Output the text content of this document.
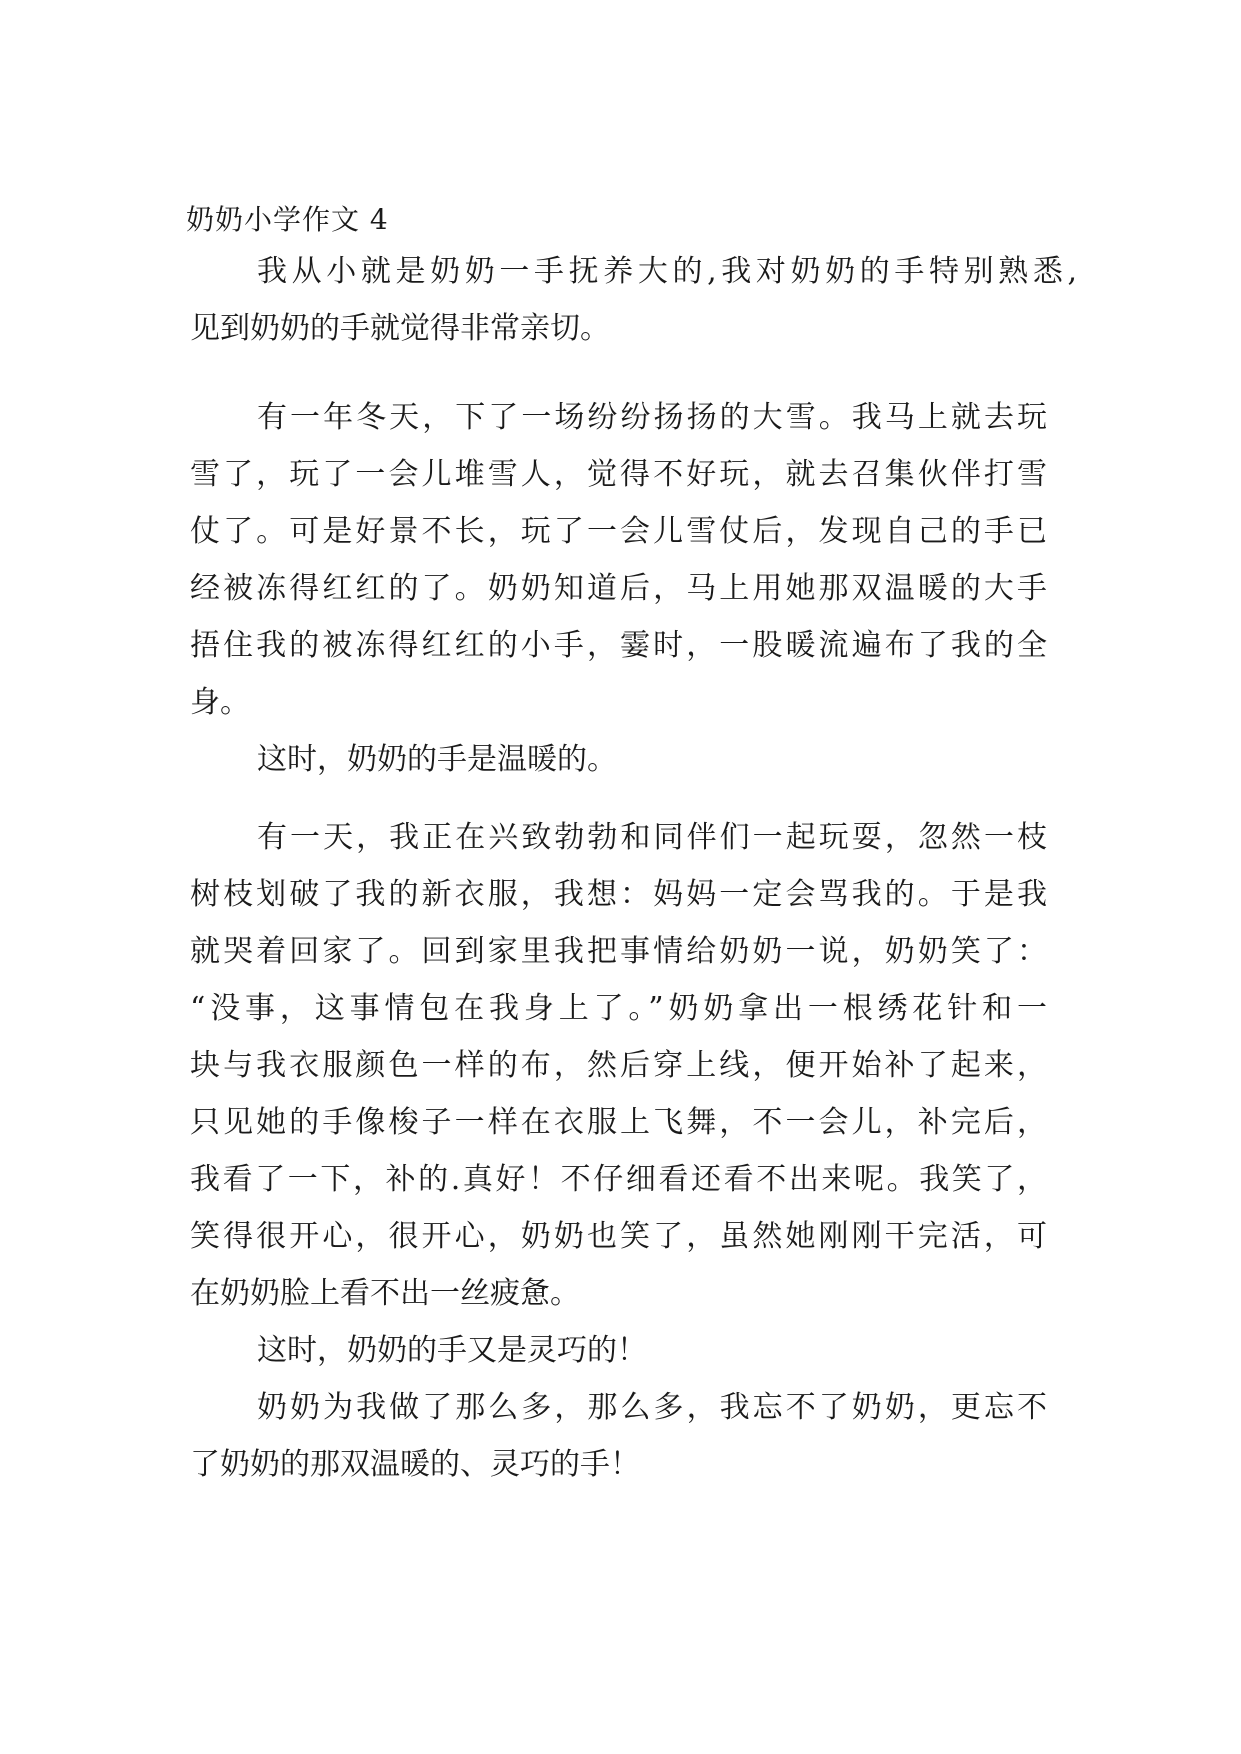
奶奶小学作文 4
我从小就是奶奶一手抚养大的,我对奶奶的手特别熟悉,
见到奶奶的手就觉得非常亲切。
有一年冬天，下了一场纷纷扬扬的大雪。我马上就去玩
雪了，玩了一会儿堆雪人，觉得不好玩，就去召集伙伴打雪
仗了。可是好景不长，玩了一会儿雪仗后，发现自己的手已
经被冻得红红的了。奶奶知道后，马上用她那双温暖的大手
捂住我的被冻得红红的小手，霎时，一股暖流遍布了我的全
身。
这时，奶奶的手是温暖的。
有一天，我正在兴致勃勃和同伴们一起玩耍，忽然一枝
树枝划破了我的新衣服，我想：妈妈一定会骂我的。于是我
就哭着回家了。回到家里我把事情给奶奶一说，奶奶笑了：
“没事，这事情包在我身上了。”奶奶拿出一根绣花针和一
块与我衣服颜色一样的布，然后穿上线，便开始补了起来，
只见她的手像梭子一样在衣服上飞舞，不一会儿，补完后，
我看了一下，补的.真好！不仔细看还看不出来呢。我笑了，
笑得很开心，很开心，奶奶也笑了，虽然她刚刚干完活，可
在奶奶脸上看不出一丝疲惫。
这时，奶奶的手又是灵巧的！
奶奶为我做了那么多，那么多，我忘不了奶奶，更忘不
了奶奶的那双温暖的、灵巧的手！
